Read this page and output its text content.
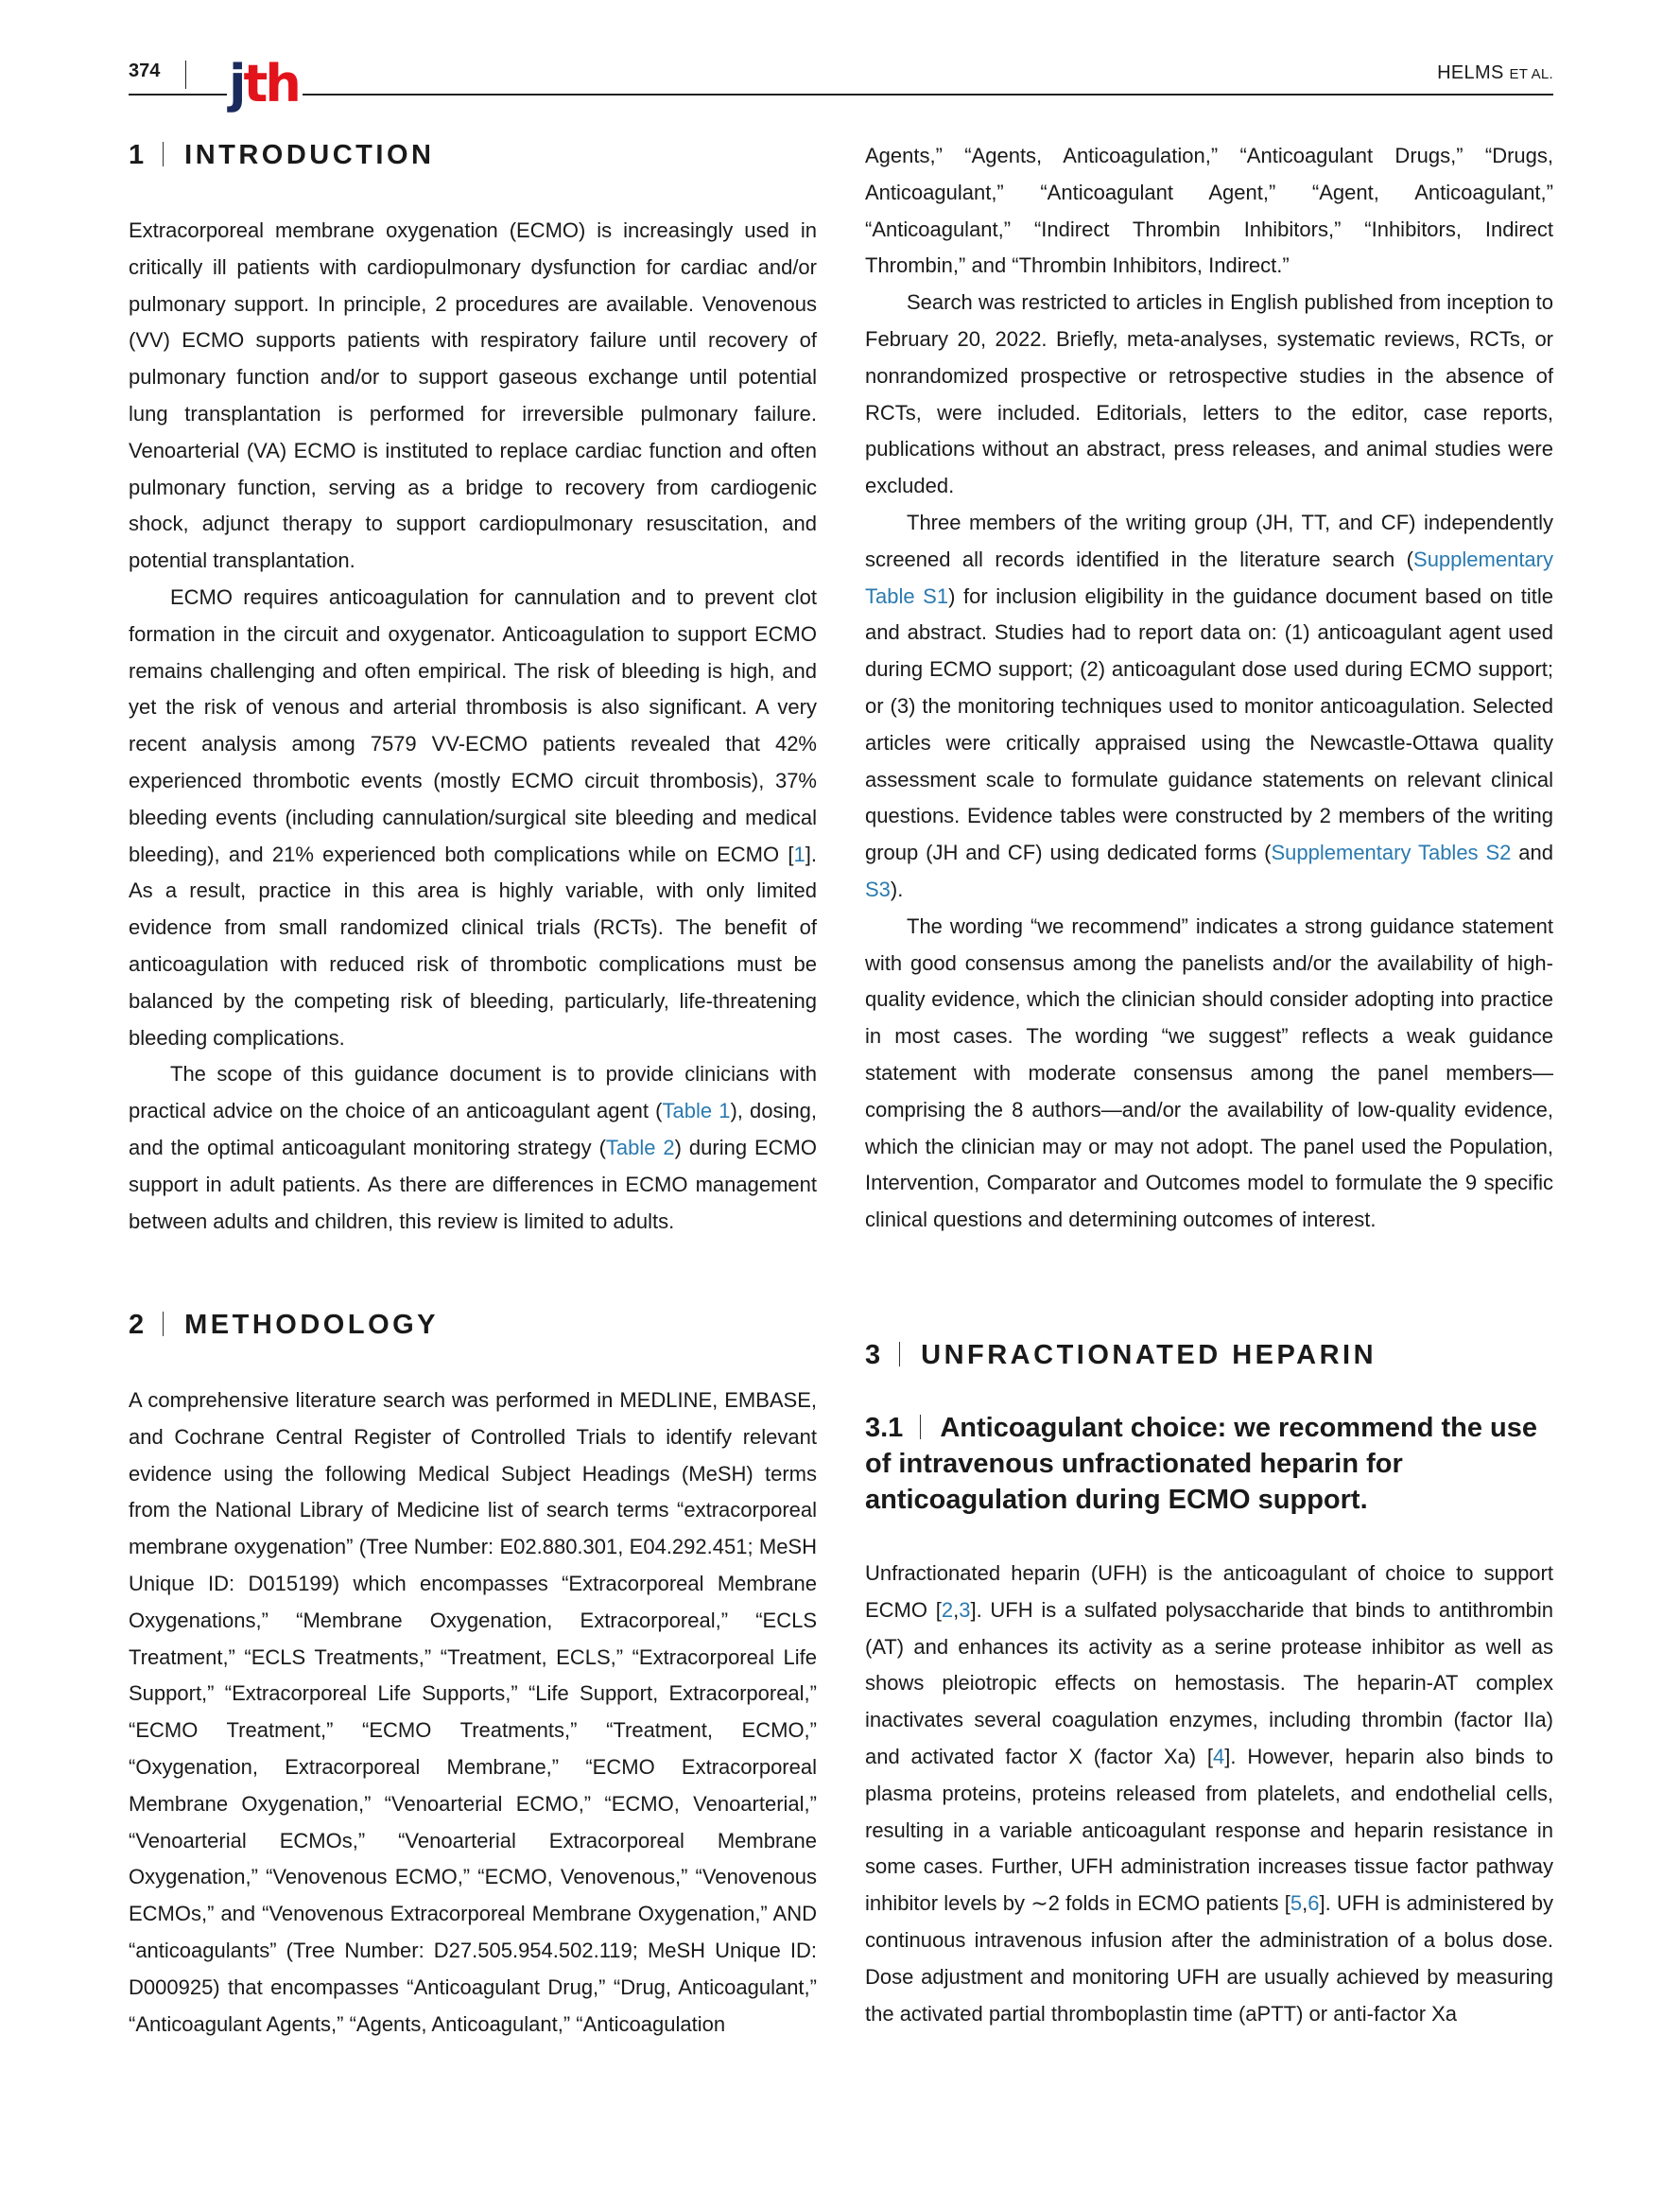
374 jth	HELMS ET AL.
1 INTRODUCTION

Extracorporeal membrane oxygenation (ECMO) is increasingly used in critically ill patients with cardiopulmonary dysfunction for cardiac and/or pulmonary support. In principle, 2 procedures are available. Venovenous (VV) ECMO supports patients with respiratory failure until recovery of pulmonary function and/or to support gaseous exchange until potential lung transplantation is performed for irreversible pulmonary failure. Venoarterial (VA) ECMO is instituted to replace cardiac function and often pulmonary function, serving as a bridge to recovery from cardiogenic shock, adjunct therapy to support cardiopulmonary resuscitation, and potential transplantation.

ECMO requires anticoagulation for cannulation and to prevent clot formation in the circuit and oxygenator. Anticoagulation to support ECMO remains challenging and often empirical. The risk of bleeding is high, and yet the risk of venous and arterial thrombosis is also significant. A very recent analysis among 7579 VV-ECMO patients revealed that 42% experienced thrombotic events (mostly ECMO circuit thrombosis), 37% bleeding events (including cannulation/surgical site bleeding and medical bleeding), and 21% experienced both complications while on ECMO [1]. As a result, practice in this area is highly variable, with only limited evidence from small randomized clinical trials (RCTs). The benefit of anticoagulation with reduced risk of thrombotic complications must be balanced by the competing risk of bleeding, particularly, life-threatening bleeding complications.

The scope of this guidance document is to provide clinicians with practical advice on the choice of an anticoagulant agent (Table 1), dosing, and the optimal anticoagulant monitoring strategy (Table 2) during ECMO support in adult patients. As there are differences in ECMO management between adults and children, this review is limited to adults.

2 METHODOLOGY

A comprehensive literature search was performed in MEDLINE, EMBASE, and Cochrane Central Register of Controlled Trials to identify relevant evidence using the following Medical Subject Headings (MeSH) terms from the National Library of Medicine list of search terms “extracorporeal membrane oxygenation” (Tree Number: E02.880.301, E04.292.451; MeSH Unique ID: D015199) which encompasses “Extracorporeal Membrane Oxygenations,” “Membrane Oxygenation, Extracorporeal,” “ECLS Treatment,” “ECLS Treatments,” “Treatment, ECLS,” “Extracorporeal Life Support,” “Extracorporeal Life Supports,” “Life Support, Extracorporeal,” “ECMO Treatment,” “ECMO Treatments,” “Treatment, ECMO,” “Oxygenation, Extracorporeal Membrane,” “ECMO Extracorporeal Membrane Oxygenation,” “Venoarterial ECMO,” “ECMO, Venoarterial,” “Venoarterial ECMOs,” “Venoarterial Extracorporeal Membrane Oxygenation,” “Venovenous ECMO,” “ECMO, Venovenous,” “Venovenous ECMOs,” and “Venovenous Extracorporeal Membrane Oxygenation,” AND “anticoagulants” (Tree Number: D27.505.954.502.119; MeSH Unique ID: D000925) that encompasses “Anticoagulant Drug,” “Drug, Anticoagulant,” “Anticoagulant Agents,” “Agents, Anticoagulant,” “Anticoagulation

Agents,” “Agents, Anticoagulation,” “Anticoagulant Drugs,” “Drugs, Anticoagulant,” “Anticoagulant Agent,” “Agent, Anticoagulant,” “Anticoagulant,” “Indirect Thrombin Inhibitors,” “Inhibitors, Indirect Thrombin,” and “Thrombin Inhibitors, Indirect.”

Search was restricted to articles in English published from inception to February 20, 2022. Briefly, meta-analyses, systematic reviews, RCTs, or nonrandomized prospective or retrospective studies in the absence of RCTs, were included. Editorials, letters to the editor, case reports, publications without an abstract, press releases, and animal studies were excluded.

Three members of the writing group (JH, TT, and CF) independently screened all records identified in the literature search (Supplementary Table S1) for inclusion eligibility in the guidance document based on title and abstract. Studies had to report data on: (1) anticoagulant agent used during ECMO support; (2) anticoagulant dose used during ECMO support; or (3) the monitoring techniques used to monitor anticoagulation. Selected articles were critically appraised using the Newcastle-Ottawa quality assessment scale to formulate guidance statements on relevant clinical questions. Evidence tables were constructed by 2 members of the writing group (JH and CF) using dedicated forms (Supplementary Tables S2 and S3).

The wording “we recommend” indicates a strong guidance statement with good consensus among the panelists and/or the availability of high-quality evidence, which the clinician should consider adopting into practice in most cases. The wording “we suggest” reflects a weak guidance statement with moderate consensus among the panel members—comprising the 8 authors—and/or the availability of low-quality evidence, which the clinician may or may not adopt. The panel used the Population, Intervention, Comparator and Outcomes model to formulate the 9 specific clinical questions and determining outcomes of interest.

3 UNFRACTIONATED HEPARIN
3.1 Anticoagulant choice: we recommend the use of intravenous unfractionated heparin for anticoagulation during ECMO support.

Unfractionated heparin (UFH) is the anticoagulant of choice to support ECMO [2,3]. UFH is a sulfated polysaccharide that binds to antithrombin (AT) and enhances its activity as a serine protease inhibitor as well as shows pleiotropic effects on hemostasis. The heparin-AT complex inactivates several coagulation enzymes, including thrombin (factor IIa) and activated factor X (factor Xa) [4]. However, heparin also binds to plasma proteins, proteins released from platelets, and endothelial cells, resulting in a variable anticoagulant response and heparin resistance in some cases. Further, UFH administration increases tissue factor pathway inhibitor levels by ∼2 folds in ECMO patients [5,6]. UFH is administered by continuous intravenous infusion after the administration of a bolus dose. Dose adjustment and monitoring UFH are usually achieved by measuring the activated partial thromboplastin time (aPTT) or anti-factor Xa
